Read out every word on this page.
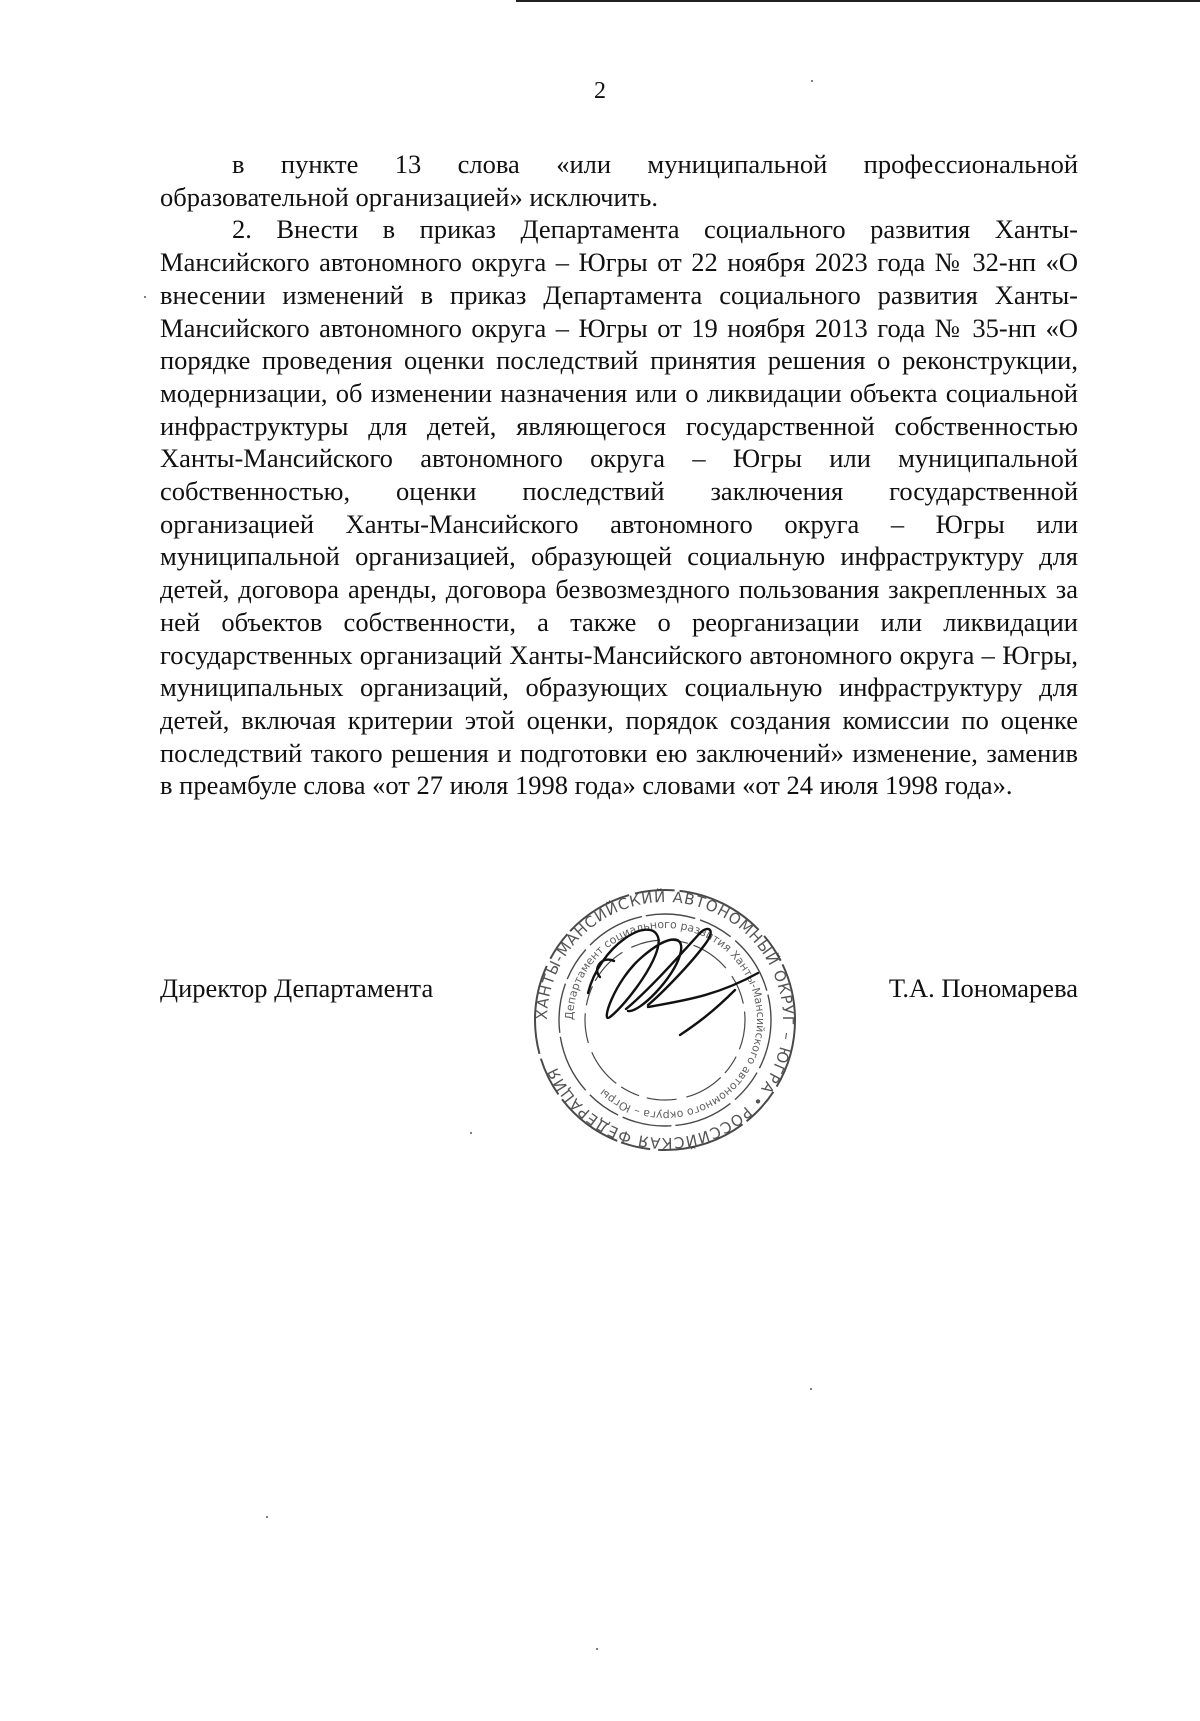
2

в пункте 13 слова «или муниципальной профессиональной образовательной организацией» исключить.

2. Внести в приказ Департамента социального развития Ханты-Мансийского автономного округа – Югры от 22 ноября 2023 года № 32-нп «О внесении изменений в приказ Департамента социального развития Ханты-Мансийского автономного округа – Югры от 19 ноября 2013 года № 35-нп «О порядке проведения оценки последствий принятия решения о реконструкции, модернизации, об изменении назначения или о ликвидации объекта социальной инфраструктуры для детей, являющегося государственной собственностью Ханты-Мансийского автономного округа – Югры или муниципальной собственностью, оценки последствий заключения государственной организацией Ханты-Мансийского автономного округа – Югры или муниципальной организацией, образующей социальную инфраструктуру для детей, договора аренды, договора безвозмездного пользования закрепленных за ней объектов собственности, а также о реорганизации или ликвидации государственных организаций Ханты-Мансийского автономного округа – Югры, муниципальных организаций, образующих социальную инфраструктуру для детей, включая критерии этой оценки, порядок создания комиссии по оценке последствий такого решения и подготовки ею заключений» изменение, заменив в преамбуле слова «от 27 июля 1998 года» словами «от 24 июля 1998 года».

Директор Департамента	Т.А. Пономарева
ХАНТЫ-МАНСИЙСКИЙ АВТОНОМНЫЙ ОКРУГ – ЮГРА • РОССИЙСКАЯ ФЕДЕРАЦИЯ
Департамент социального развития Ханты-Мансийского автономного округа – Югры
